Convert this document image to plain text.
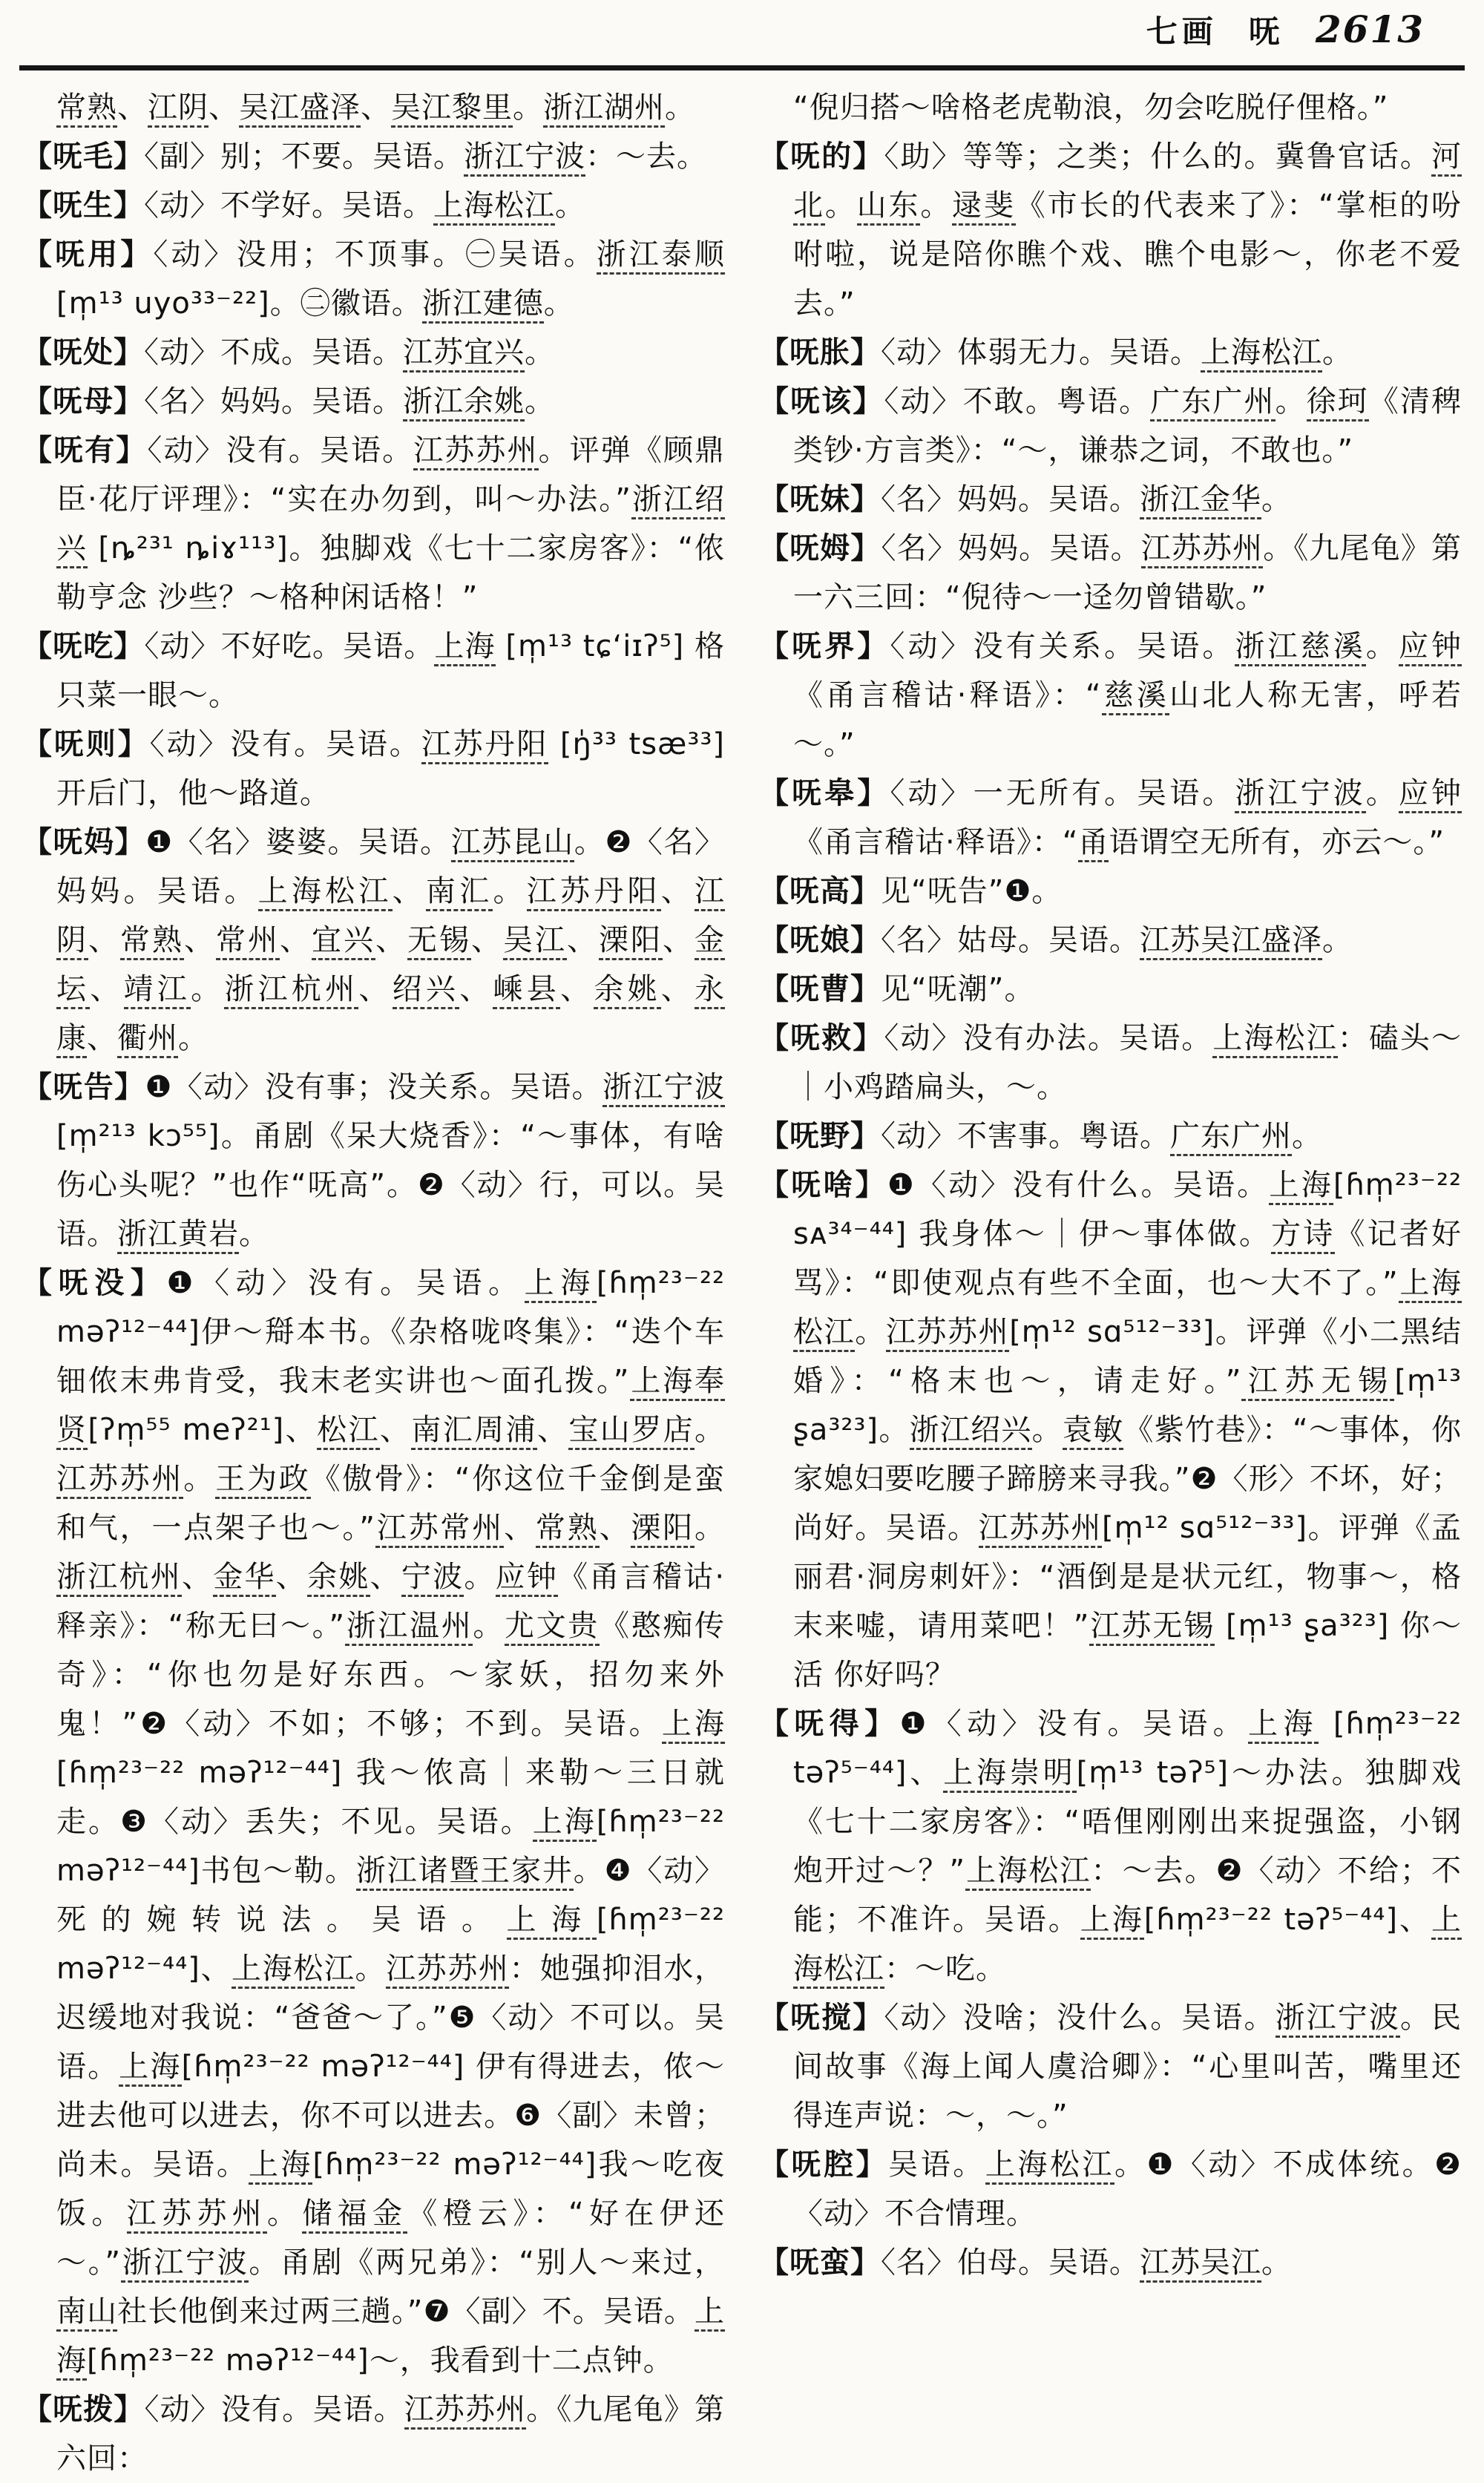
七画 呒 2613

常熟、江阴、吴江盛泽、吴江黎里。浙江湖州。

【呒毛】〈副〉别；不要。吴语。浙江宁波：～去。

【呒生】〈动〉不学好。吴语。上海松江。

【呒用】〈动〉没用；不顶事。㊀吴语。浙江泰顺 [m̩¹³ uyo³³⁻²²]。㊁徽语。浙江建德。

【呒处】〈动〉不成。吴语。江苏宜兴。

【呒母】〈名〉妈妈。吴语。浙江余姚。

【呒有】〈动〉没有。吴语。江苏苏州。评弹《顾鼎臣·花厅评理》：“实在办勿到，叫～办法。”浙江绍兴 [ȵ²³¹ ȵiɤ¹¹³]。独脚戏《七十二家房客》：“侬勒亨念 沙些？～格种闲话格！”

【呒吃】〈动〉不好吃。吴语。上海 [m̩¹³ tɕ‘iɪʔ⁵] 格只菜一眼～。

【呒则】〈动〉没有。吴语。江苏丹阳 [ŋ̍³³ tsæ³³] 开后门，他～路道。

【呒妈】❶〈名〉婆婆。吴语。江苏昆山。❷〈名〉妈妈。吴语。上海松江、南汇。江苏丹阳、江阴、常熟、常州、宜兴、无锡、吴江、溧阳、金坛、靖江。浙江杭州、绍兴、嵊县、余姚、永康、衢州。

【呒告】❶〈动〉没有事；没关系。吴语。浙江宁波 [m̩²¹³ kɔ⁵⁵]。甬剧《呆大烧香》：“～事体，有啥伤心头呢？”也作“呒高”。❷〈动〉行，可以。吴语。浙江黄岩。

【呒没】❶〈动〉没有。吴语。上海[ɦm̩²³⁻²² məʔ¹²⁻⁴⁴]伊～搿本书。《杂格咙咚集》：“迭个车钿侬末弗肯受，我末老实讲也～面孔拨。”上海奉贤[ʔm̩⁵⁵ meʔ²¹]、松江、南汇周浦、宝山罗店。江苏苏州。王为政《傲骨》：“你这位千金倒是蛮和气，一点架子也～。”江苏常州、常熟、溧阳。浙江杭州、金华、余姚、宁波。应钟《甬言稽诂·释亲》：“称无曰～。”浙江温州。尤文贵《憨痴传奇》：“你也勿是好东西。～家妖，招勿来外鬼！”❷〈动〉不如；不够；不到。吴语。上海[ɦm̩²³⁻²² məʔ¹²⁻⁴⁴] 我～侬高｜来勒～三日就走。❸〈动〉丢失；不见。吴语。上海[ɦm̩²³⁻²² məʔ¹²⁻⁴⁴]书包～勒。浙江诸暨王家井。❹〈动〉死的婉转说法。吴语。上海[ɦm̩²³⁻²² məʔ¹²⁻⁴⁴]、上海松江。江苏苏州：她强抑泪水，迟缓地对我说：“爸爸～了。”❺〈动〉不可以。吴语。上海[ɦm̩²³⁻²² məʔ¹²⁻⁴⁴] 伊有得进去，侬～进去他可以进去，你不可以进去。❻〈副〉未曾；尚未。吴语。上海[ɦm̩²³⁻²² məʔ¹²⁻⁴⁴]我～吃夜饭。江苏苏州。储福金《橙云》：“好在伊还～。”浙江宁波。甬剧《两兄弟》：“别人～来过，南山社长他倒来过两三趟。”❼〈副〉不。吴语。上海[ɦm̩²³⁻²² məʔ¹²⁻⁴⁴]～，我看到十二点钟。

【呒拨】〈动〉没有。吴语。江苏苏州。《九尾龟》第六回：

“倪归搭～啥格老虎勒浪，勿会吃脱仔俚格。”

【呒的】〈助〉等等；之类；什么的。冀鲁官话。河北。山东。逯斐《市长的代表来了》：“掌柜的吩咐啦，说是陪你瞧个戏、瞧个电影～，你老不爱去。”

【呒胀】〈动〉体弱无力。吴语。上海松江。

【呒该】〈动〉不敢。粤语。广东广州。徐珂《清稗类钞·方言类》：“～，谦恭之词，不敢也。”

【呒妹】〈名〉妈妈。吴语。浙江金华。

【呒姆】〈名〉妈妈。吴语。江苏苏州。《九尾龟》第一六三回：“倪待～一迳勿曾错歇。”

【呒界】〈动〉没有关系。吴语。浙江慈溪。应钟《甬言稽诂·释语》：“慈溪山北人称无害，呼若～。”

【呒皋】〈动〉一无所有。吴语。浙江宁波。应钟《甬言稽诂·释语》：“甬语谓空无所有，亦云～。”

【呒高】见“呒告”❶。

【呒娘】〈名〉姑母。吴语。江苏吴江盛泽。

【呒曹】见“呒潮”。

【呒救】〈动〉没有办法。吴语。上海松江：磕头～｜小鸡踏扁头，～。

【呒野】〈动〉不害事。粤语。广东广州。

【呒啥】❶〈动〉没有什么。吴语。上海[ɦm̩²³⁻²² sᴀ³⁴⁻⁴⁴] 我身体～｜伊～事体做。方诗《记者好骂》：“即使观点有些不全面，也～大不了。”上海松江。江苏苏州[m̩¹² sɑ⁵¹²⁻³³]。评弹《小二黑结婚》：“格末也～，请走好。”江苏无锡[m̩¹³ ʂa³²³]。浙江绍兴。袁敏《紫竹巷》：“～事体，你家媳妇要吃腰子蹄膀来寻我。”❷〈形〉不坏，好；尚好。吴语。江苏苏州[m̩¹² sɑ⁵¹²⁻³³]。评弹《孟丽君·洞房刺奸》：“酒倒是是状元红，物事～，格末来嘘，请用菜吧！”江苏无锡 [m̩¹³ ʂa³²³] 你～活 你好吗？

【呒得】❶〈动〉没有。吴语。上海 [ɦm̩²³⁻²² təʔ⁵⁻⁴⁴]、上海崇明[m̩¹³ təʔ⁵]～办法。独脚戏《七十二家房客》：“唔俚刚刚出来捉强盗，小钢炮开过～？”上海松江：～去。❷〈动〉不给；不能；不准许。吴语。上海[ɦm̩²³⁻²² təʔ⁵⁻⁴⁴]、上海松江：～吃。

【呒搅】〈动〉没啥；没什么。吴语。浙江宁波。民间故事《海上闻人虞洽卿》：“心里叫苦，嘴里还得连声说：～，～。”

【呒腔】吴语。上海松江。❶〈动〉不成体统。❷〈动〉不合情理。

【呒蛮】〈名〉伯母。吴语。江苏吴江。
